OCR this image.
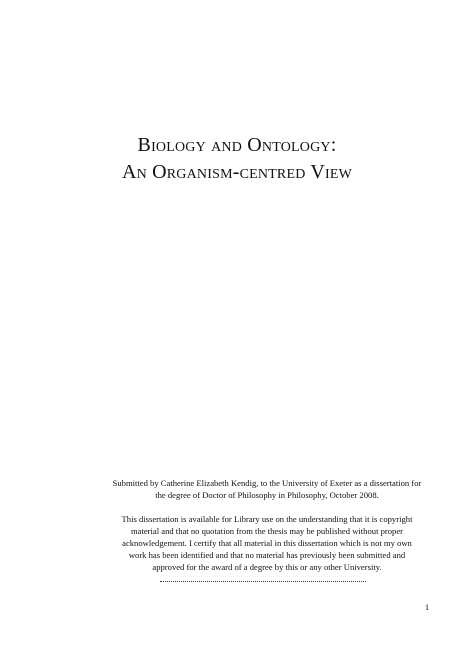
Biology and Ontology:
An Organism-centred View
Submitted by Catherine Elizabeth Kendig, to the University of Exeter as a dissertation for
the degree of Doctor of Philosophy in Philosophy, October 2008.
This dissertation is available for Library use on the understanding that it is copyright
material and that no quotation from the thesis may be published without proper
acknowledgement. I certify that all material in this dissertation which is not my own
work has been identified and that no material has previously been submitted and
approved for the award of a degree by this or any other University.
1
